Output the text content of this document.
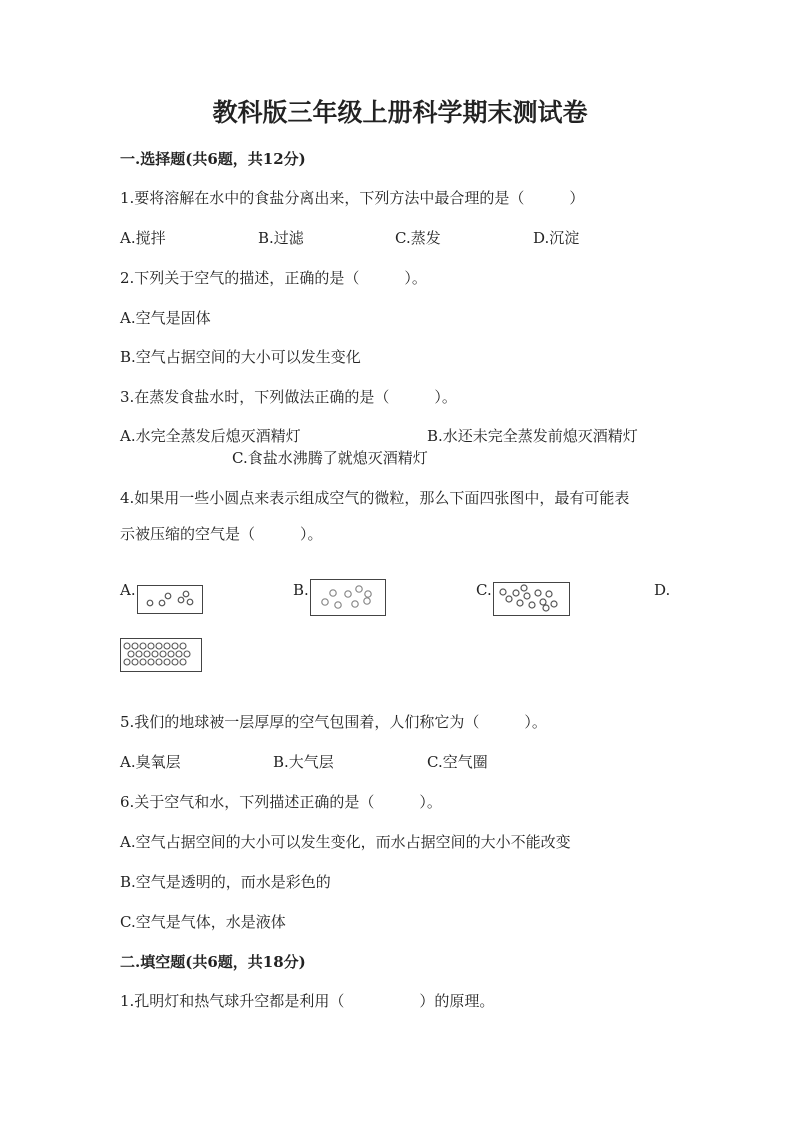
教科版三年级上册科学期末测试卷
一.选择题(共6题，共12分)
1.要将溶解在水中的食盐分离出来，下列方法中最合理的是（　　　）
A.搅拌	B.过滤	C.蒸发	D.沉淀
2.下列关于空气的描述，正确的是（　　　）。
A.空气是固体
B.空气占据空间的大小可以发生变化
3.在蒸发食盐水时，下列做法正确的是（　　　）。
A.水完全蒸发后熄灭酒精灯	B.水还未完全蒸发前熄灭酒精灯
C.食盐水沸腾了就熄灭酒精灯
4.如果用一些小圆点来表示组成空气的微粒，那么下面四张图中，最有可能表
示被压缩的空气是（　　　）。
A.	B.	C.	D.
5.我们的地球被一层厚厚的空气包围着，人们称它为（　　　）。
A.臭氧层	B.大气层	C.空气圈
6.关于空气和水，下列描述正确的是（　　　）。
A.空气占据空间的大小可以发生变化，而水占据空间的大小不能改变
B.空气是透明的，而水是彩色的
C.空气是气体，水是液体
二.填空题(共6题，共18分)
1.孔明灯和热气球升空都是利用（　　　　　）的原理。
